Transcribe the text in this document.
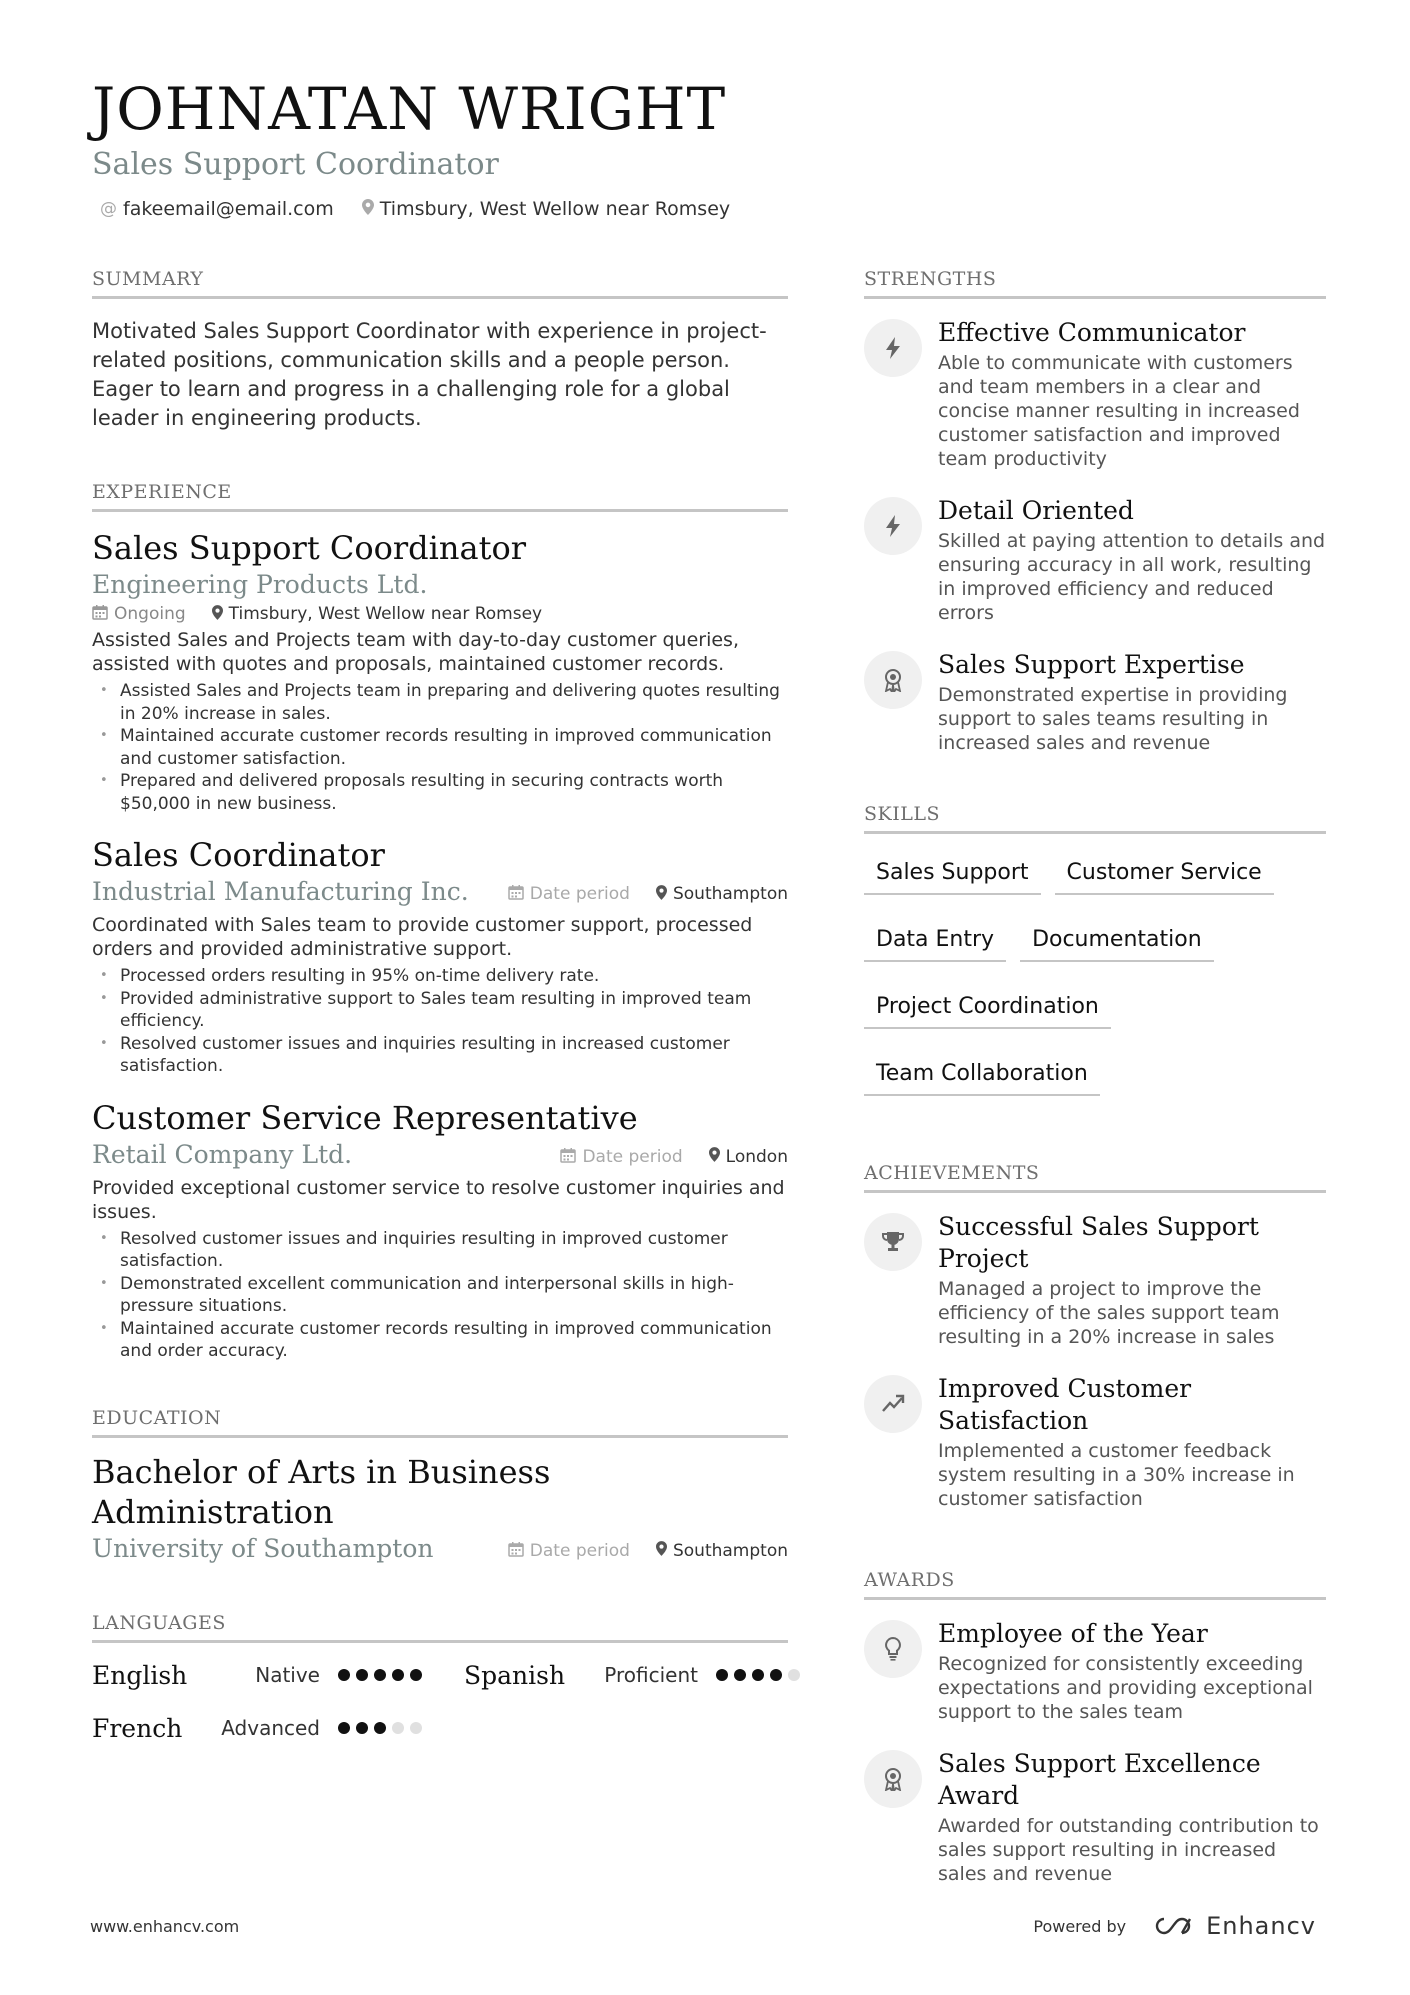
JOHNATAN WRIGHT
Sales Support Coordinator
@ fakeemail@email.com Timsbury, West Wellow near Romsey
SUMMARY
Motivated Sales Support Coordinator with experience in project-related positions, communication skills and a people person. Eager to learn and progress in a challenging role for a global leader in engineering products.
EXPERIENCE
Sales Support Coordinator
Engineering Products Ltd.
Ongoing	Timsbury, West Wellow near Romsey
Assisted Sales and Projects team with day-to-day customer queries, assisted with quotes and proposals, maintained customer records.
• Assisted Sales and Projects team in preparing and delivering quotes resulting in 20% increase in sales.
• Maintained accurate customer records resulting in improved communication and customer satisfaction.
• Prepared and delivered proposals resulting in securing contracts worth $50,000 in new business.
Sales Coordinator
Industrial Manufacturing Inc.	Date period	Southampton
Coordinated with Sales team to provide customer support, processed orders and provided administrative support.
• Processed orders resulting in 95% on-time delivery rate.
• Provided administrative support to Sales team resulting in improved team efficiency.
• Resolved customer issues and inquiries resulting in increased customer satisfaction.
Customer Service Representative
Retail Company Ltd.	Date period	London
Provided exceptional customer service to resolve customer inquiries and issues.
• Resolved customer issues and inquiries resulting in improved customer satisfaction.
• Demonstrated excellent communication and interpersonal skills in high-pressure situations.
• Maintained accurate customer records resulting in improved communication and order accuracy.
EDUCATION
Bachelor of Arts in Business Administration
University of Southampton	Date period	Southampton
LANGUAGES
English	Native	Spanish	Proficient
French	Advanced
STRENGTHS
Effective Communicator
Able to communicate with customers and team members in a clear and concise manner resulting in increased customer satisfaction and improved team productivity
Detail Oriented
Skilled at paying attention to details and ensuring accuracy in all work, resulting in improved efficiency and reduced errors
Sales Support Expertise
Demonstrated expertise in providing support to sales teams resulting in increased sales and revenue
SKILLS
Sales Support	Customer Service
Data Entry	Documentation
Project Coordination
Team Collaboration
ACHIEVEMENTS
Successful Sales Support Project
Managed a project to improve the efficiency of the sales support team resulting in a 20% increase in sales
Improved Customer Satisfaction
Implemented a customer feedback system resulting in a 30% increase in customer satisfaction
AWARDS
Employee of the Year
Recognized for consistently exceeding expectations and providing exceptional support to the sales team
Sales Support Excellence Award
Awarded for outstanding contribution to sales support resulting in increased sales and revenue
www.enhancv.com	Powered by	Enhancv
